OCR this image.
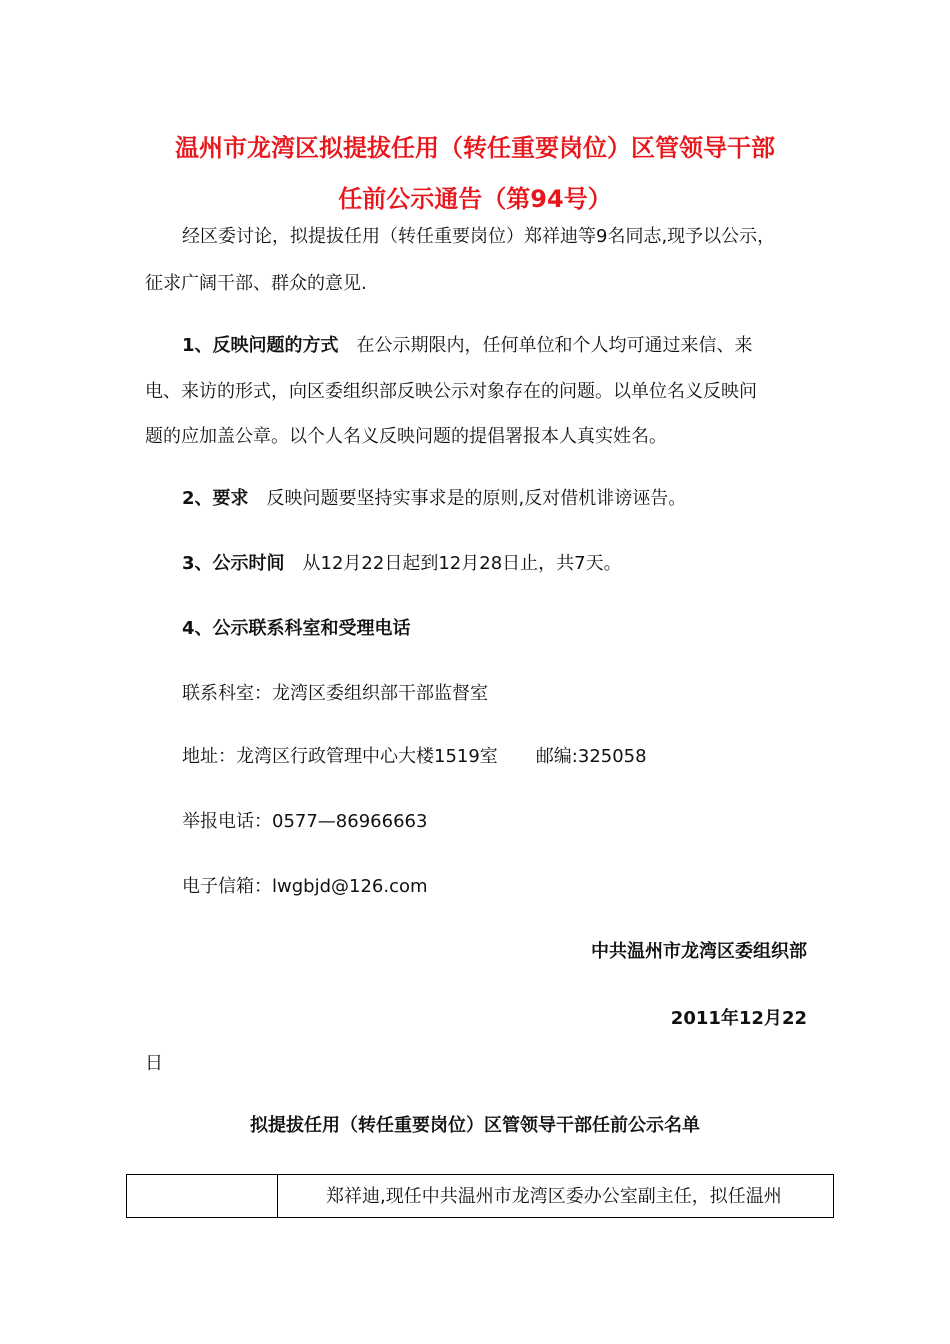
温州市龙湾区拟提拔任用（转任重要岗位）区管领导干部
任前公示通告（第94号）
经区委讨论，拟提拔任用（转任重要岗位）郑祥迪等9名同志,现予以公示，
征求广阔干部、群众的意见.
1、反映问题的方式 在公示期限内，任何单位和个人均可通过来信、来
电、来访的形式，向区委组织部反映公示对象存在的问题。以单位名义反映问
题的应加盖公章。以个人名义反映问题的提倡署报本人真实姓名。
2、要求 反映问题要坚持实事求是的原则,反对借机诽谤诬告。
3、公示时间 从12月22日起到12月28日止，共7天。
4、公示联系科室和受理电话
联系科室：龙湾区委组织部干部监督室
地址：龙湾区行政管理中心大楼1519室 邮编:325058
举报电话：0577—86966663
电子信箱：lwgbjd@126.com
中共温州市龙湾区委组织部
2011年12月22
日
拟提拔任用（转任重要岗位）区管领导干部任前公示名单
郑祥迪,现任中共温州市龙湾区委办公室副主任，拟任温州
